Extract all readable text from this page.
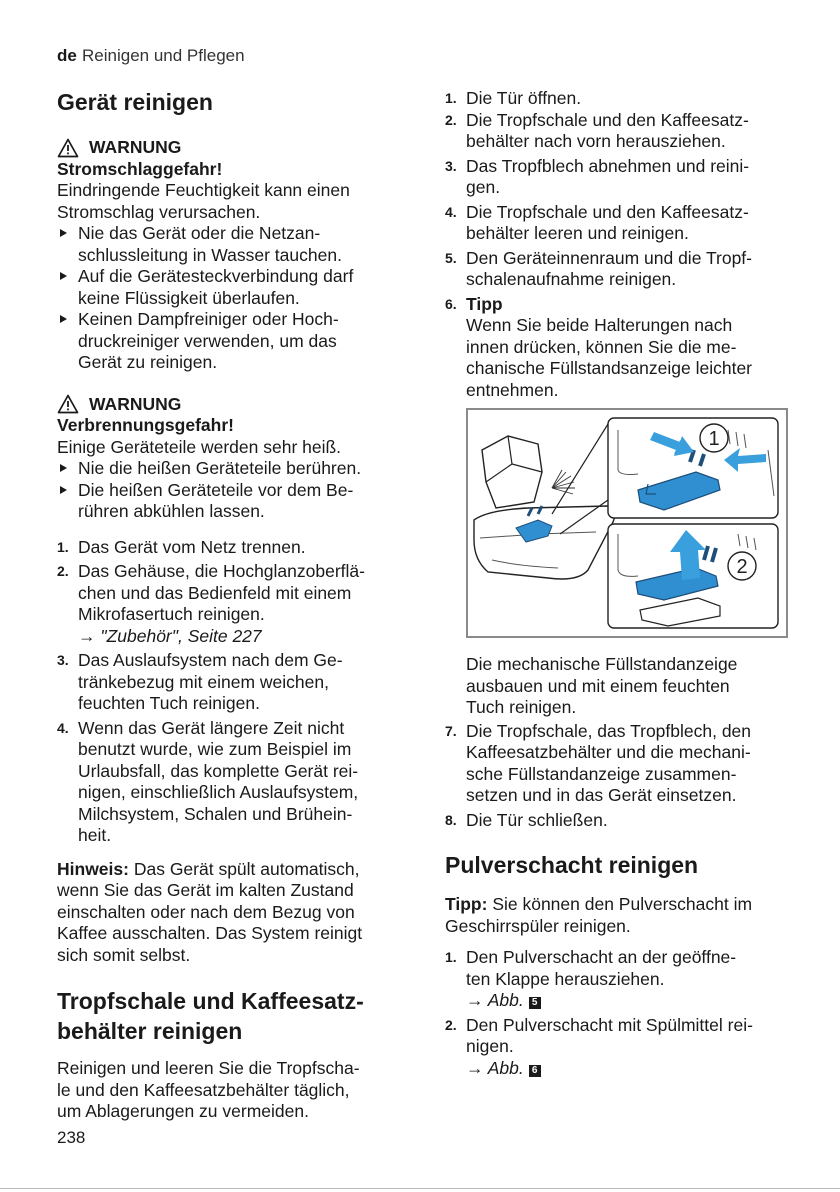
de Reinigen und Pflegen
Gerät reinigen
WARNUNG
Stromschlaggefahr!
Eindringende Feuchtigkeit kann einen
Stromschlag verursachen.
Nie das Gerät oder die Netzan-
schlussleitung in Wasser tauchen.
Auf die Gerätesteckverbindung darf
keine Flüssigkeit überlaufen.
Keinen Dampfreiniger oder Hoch-
druckreiniger verwenden, um das
Gerät zu reinigen.
WARNUNG
Verbrennungsgefahr!
Einige Geräteteile werden sehr heiß.
Nie die heißen Geräteteile berühren.
Die heißen Geräteteile vor dem Be-
rühren abkühlen lassen.
1. Das Gerät vom Netz trennen.
2. Das Gehäuse, die Hochglanzoberflä-
chen und das Bedienfeld mit einem
Mikrofasertuch reinigen.
→ "Zubehör", Seite 227
3. Das Auslaufsystem nach dem Ge-
tränkebezug mit einem weichen,
feuchten Tuch reinigen.
4. Wenn das Gerät längere Zeit nicht
benutzt wurde, wie zum Beispiel im
Urlaubsfall, das komplette Gerät rei-
nigen, einschließlich Auslaufsystem,
Milchsystem, Schalen und Brühein-
heit.
Hinweis: Das Gerät spült automatisch,
wenn Sie das Gerät im kalten Zustand
einschalten oder nach dem Bezug von
Kaffee ausschalten. Das System reinigt
sich somit selbst.
Tropfschale und Kaffeesatz-
behälter reinigen
Reinigen und leeren Sie die Tropfscha-
le und den Kaffeesatzbehälter täglich,
um Ablagerungen zu vermeiden.
1. Die Tür öffnen.
2. Die Tropfschale und den Kaffeesatz-
behälter nach vorn herausziehen.
3. Das Tropfblech abnehmen und reini-
gen.
4. Die Tropfschale und den Kaffeesatz-
behälter leeren und reinigen.
5. Den Geräteinnenraum und die Tropf-
schalenaufnahme reinigen.
6. Tipp
Wenn Sie beide Halterungen nach
innen drücken, können Sie die me-
chanische Füllstandsanzeige leichter
entnehmen.
1
2
Die mechanische Füllstandanzeige
ausbauen und mit einem feuchten
Tuch reinigen.
7. Die Tropfschale, das Tropfblech, den
Kaffeesatzbehälter und die mechani-
sche Füllstandanzeige zusammen-
setzen und in das Gerät einsetzen.
8. Die Tür schließen.
Pulverschacht reinigen
Tipp: Sie können den Pulverschacht im
Geschirrspüler reinigen.
1. Den Pulverschacht an der geöffne-
ten Klappe herausziehen.
→ Abb. 5
2. Den Pulverschacht mit Spülmittel rei-
nigen.
→ Abb. 6
238
